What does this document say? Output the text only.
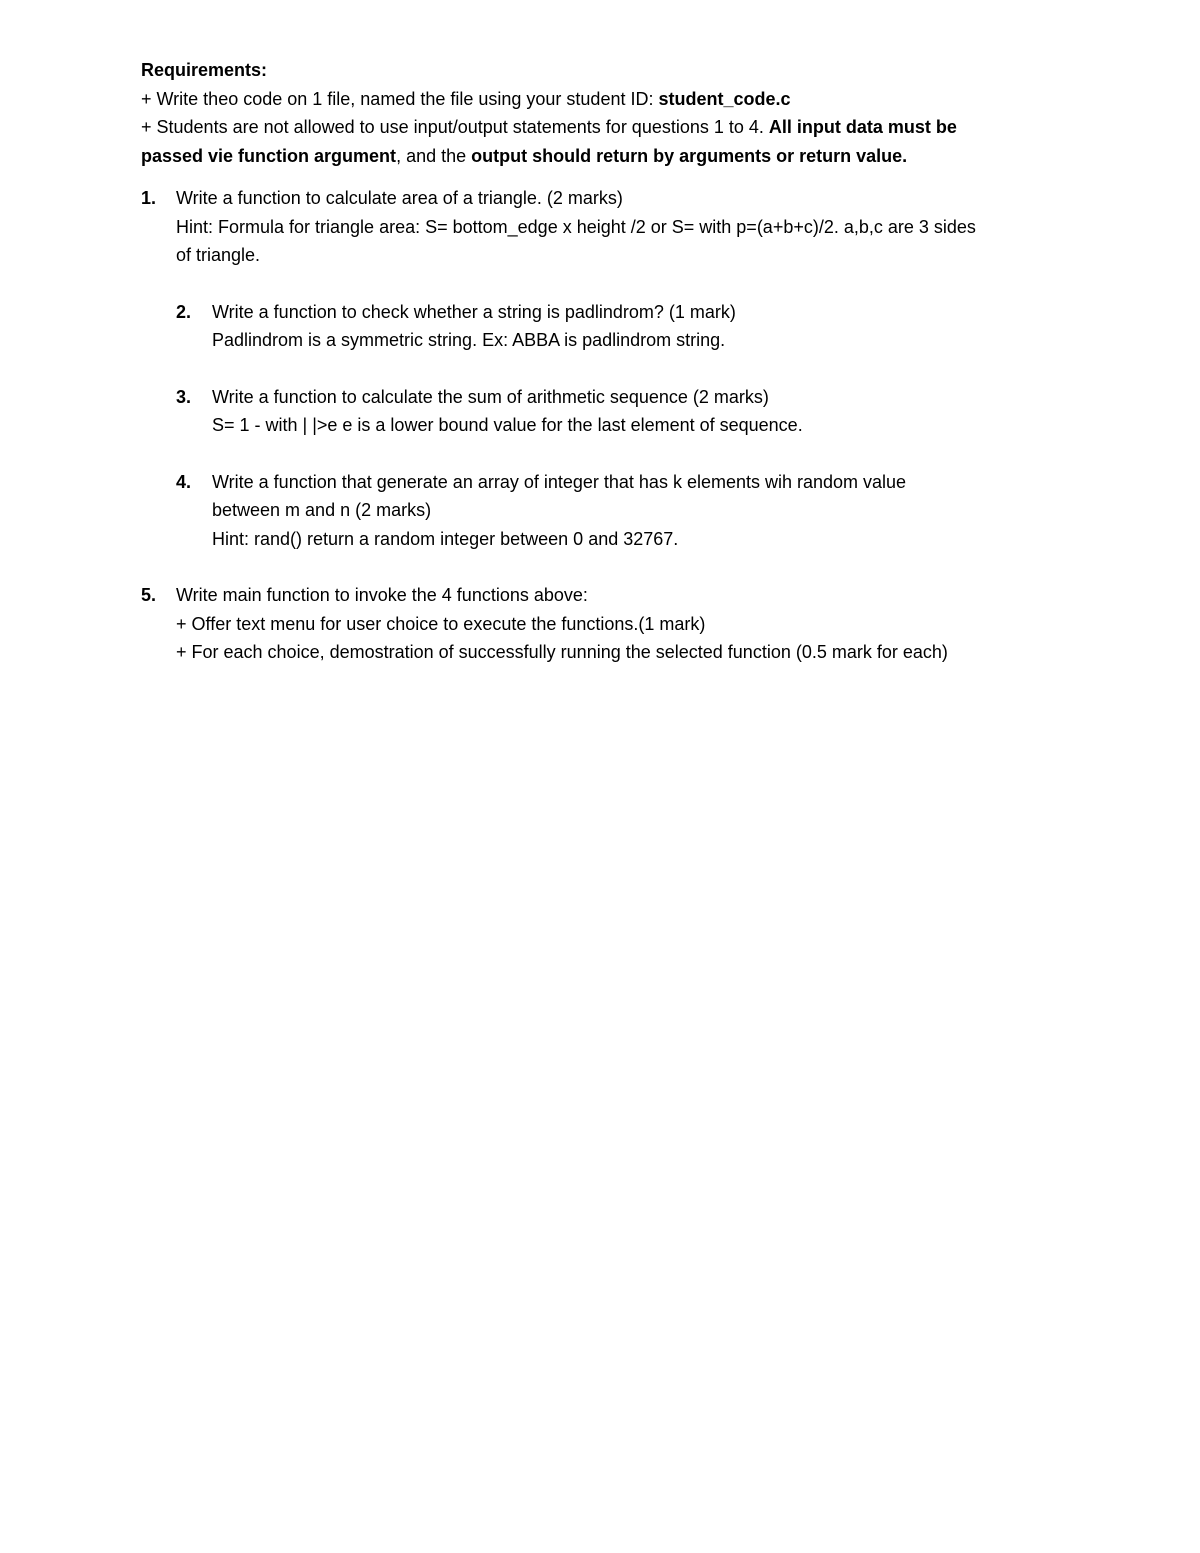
Requirements:
+ Write theo code on 1 file, named the file using your student ID: student_code.c
+ Students are not allowed to use input/output statements for questions 1 to 4. All input data must be
passed vie function argument, and the output should return by arguments or return value.
1.	Write a function to calculate area of a triangle. (2 marks)
Hint: Formula for triangle area: S= bottom_edge x height /2 or S= with p=(a+b+c)/2. a,b,c are 3 sides
of triangle.
2.	Write a function to check whether a string is padlindrom? (1 mark)
Padlindrom is a symmetric string. Ex: ABBA is padlindrom string.
3.	Write a function to calculate the sum of arithmetic sequence (2 marks)
S= 1 - with | |>e e is a lower bound value for the last element of sequence.
4.	Write a function that generate an array of integer that has k elements wih random value
between m and n (2 marks)
Hint: rand() return a random integer between 0 and 32767.
5.	Write main function to invoke the 4 functions above:
+ Offer text menu for user choice to execute the functions.(1 mark)
+ For each choice, demostration of successfully running the selected function (0.5 mark for each)
